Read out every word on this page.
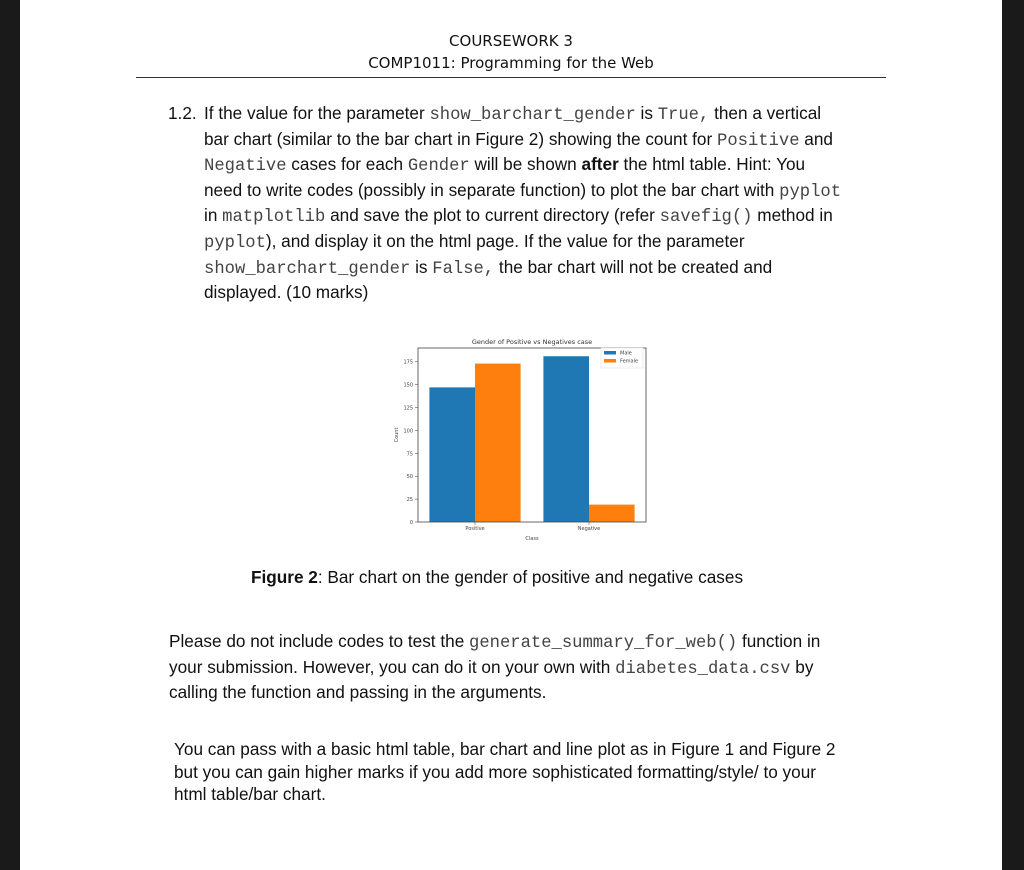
COURSEWORK 3
COMP1011: Programming for the Web
1.2. If the value for the parameter show_barchart_gender is True, then a vertical
bar chart (similar to the bar chart in Figure 2) showing the count for Positive and
Negative cases for each Gender will be shown after the html table. Hint: You
need to write codes (possibly in separate function) to plot the bar chart with pyplot
in matplotlib and save the plot to current directory (refer savefig() method in
pyplot), and display it on the html page. If the value for the parameter
show_barchart_gender is False, the bar chart will not be created and
displayed. (10 marks)
Gender of Positive vs Negatives case
0
25
50
75
100
125
150
175
Count
Positive	Negative
Class
Male
Female
Figure 2: Bar chart on the gender of positive and negative cases
Please do not include codes to test the generate_summary_for_web() function in
your submission. However, you can do it on your own with diabetes_data.csv by
calling the function and passing in the arguments.
You can pass with a basic html table, bar chart and line plot as in Figure 1 and Figure 2
but you can gain higher marks if you add more sophisticated formatting/style/ to your
html table/bar chart.
